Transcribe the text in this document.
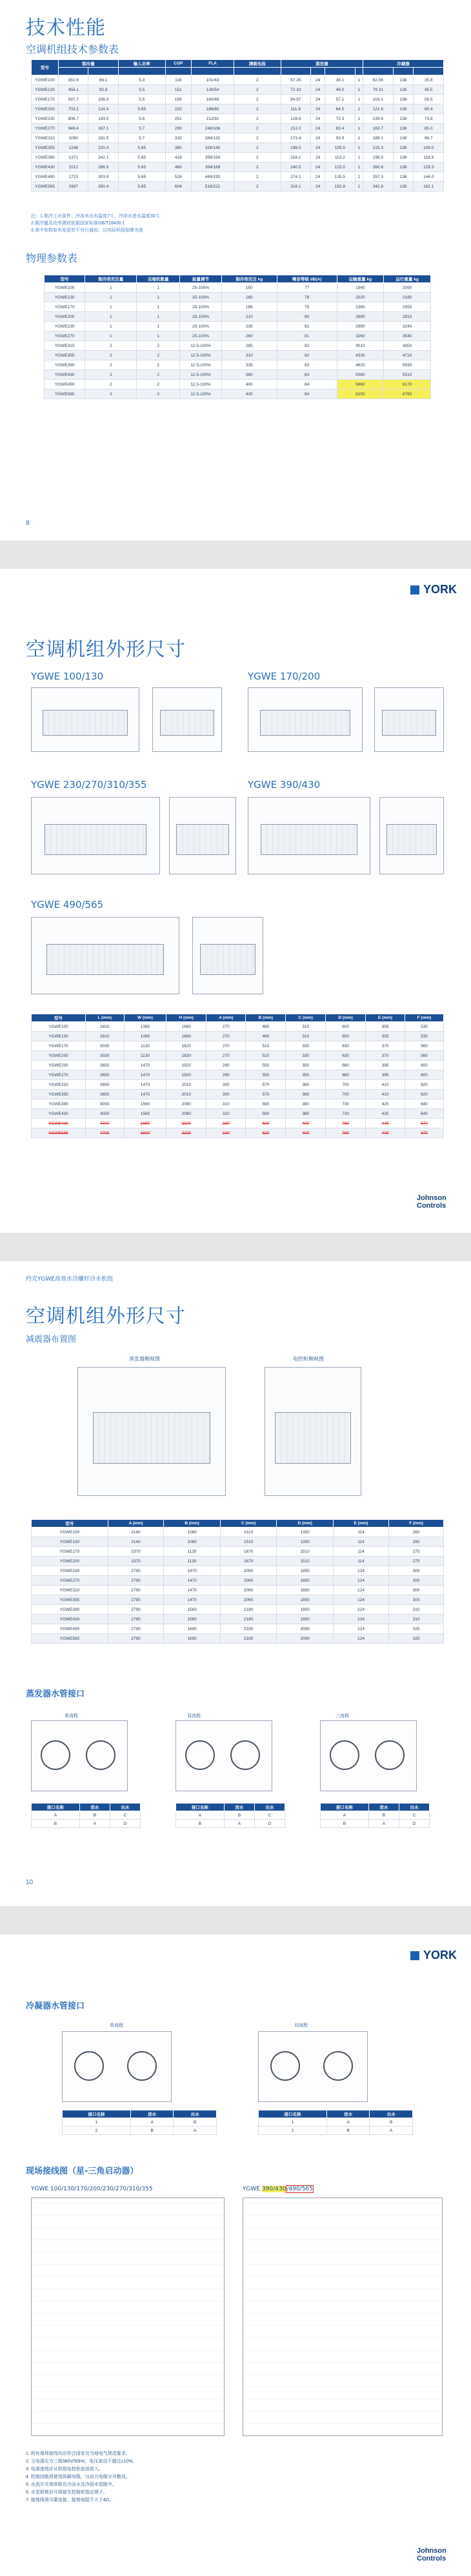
技术性能
空调机组技术参数表
型号	制冷量		输入功率	COP	FLA	满载电流	蒸发器				冷凝器		

YGWE100	351.6	66.1	5.3	118	101/43	2	57.26	24	38.1	1	62.56	138	35.8
YGWE130	456.1	82.8	5.5	151	126/54	2	72.33	24	46.0	1	79.31	138	45.5
YGWE170	597.7	108.3	5.5	193	160/69	2	94.97	24	57.1	1	103.1	138	58.5
YGWE200	703.2	124.4	5.65	220	186/80	2	111.8	24	64.5	1	121.6	138	65.4
YGWE230	808.7	143.5	5.6	251	212/91	2	128.6	24	72.3	1	139.6	138	73.9
YGWE270	949.4	167.1	5.7	290	248/106	2	151.0	24	83.4	1	163.7	138	85.0
YGWE310	1090	191.5	5.7	332	284/122	2	173.4	24	93.9	1	188.1	138	96.7
YGWE355	1248	220.4	5.65	380	326/140	2	198.5	24	105.5	1	215.3	138	109.0
YGWE390	1371	242.1	5.65	418	358/154	2	218.1	24	113.2	1	236.5	138	118.9
YGWE430	1512	266.5	5.65	460	394/169	2	240.5	24	122.0	1	260.8	138	129.3
YGWE490	1723	303.9	5.65	524	449/193	2	274.1	24	135.5	1	297.3	138	144.0
YGWE565	1987	350.4	5.65	604	518/222	2	316.1	24	152.8	1	342.8	138	162.1
注：1.制冷工况条件：冷冻水出水温度7℃，冷却水进水温度30℃
2.制冷量及功率测试依据国家标准GB/T18430.1
3.表中参数如有变更恕不另行通知，以实际机组铭牌为准
物理参数表
型号	制冷剂充注量	压缩机数量	能量调节	制冷剂充注 kg	噪音等级 dB(A)	运输重量 kg	运行重量 kg
YGWE100	1	1	25-100%	150	77	1940	2090
YGWE130	1	1	25-100%	160	78	2020	2180
YGWE170	1	1	25-100%	185	79	2360	2550
YGWE200	1	1	25-100%	210	80	2690	2910
YGWE230	1	1	25-100%	235	81	2990	3240
YGWE270	1	1	25-100%	260	81	3260	3540
YGWE310	2	2	12.5-100%	285	82	4010	4350
YGWE355	2	2	12.5-100%	310	82	4330	4710
YGWE390	2	2	12.5-100%	335	83	4620	5030
YGWE430	2	2	12.5-100%	360	83	5060	5510
YGWE490	2	2	12.5-100%	400	84	5660	6170
YGWE565	2	2	12.5-100%	430	84	6200	6760
8
YORK
空调机组外形尺寸
YGWE 100/130	YGWE 170/200
YGWE 230/270/310/355	YGWE 390/430
YGWE 490/565
型号	L (mm)	W (mm)	H (mm)	A (mm)	B (mm)	C (mm)	D (mm)	E (mm)	F (mm)
YGWE100	2810	1080	1680	270	480	310	600	355	535
YGWE130	2810	1080	1680	270	480	310	600	355	535
YGWE170	3030	1130	1820	270	510	330	630	370	560
YGWE200	3030	1130	1820	270	510	330	630	370	560
YGWE230	3650	1470	1920	290	550	350	680	395	600
YGWE270	3650	1470	1920	290	550	350	680	395	600
YGWE310	3650	1470	2010	300	570	365	700	410	620
YGWE355	3650	1470	2010	300	570	365	700	410	620
YGWE390	4050	1560	2080	310	590	380	730	425	640
YGWE430	4050	1560	2080	310	590	380	730	425	640
YGWE490	4700	1690	2220	330	620	400	760	445	670
YGWE565	4700	1690	2220	330	620	400	760	445	670
Johnson Controls
约克YGWE高效水冷螺杆冷水机组
空调机组外形尺寸
减震器布置图
蒸发器侧视图	电控柜侧视图
型号	A (mm)	B (mm)	C (mm)	D (mm)	E (mm)	F (mm)
YGWE100	2140	1080	1510	1350	114	260
YGWE130	2140	1080	1510	1350	114	260
YGWE170	2370	1130	1670	1510	114	275
YGWE200	2370	1130	1670	1510	114	275
YGWE230	2790	1470	2060	1850	124	300
YGWE270	2790	1470	2060	1850	124	300
YGWE310	2790	1470	2060	1850	124	300
YGWE355	2790	1470	2060	1850	124	300
YGWE390	2790	1560	2180	1950	124	310
YGWE430	2790	1560	2180	1950	124	310
YGWE490	2790	1690	2330	2090	124	325
YGWE565	2790	1690	2330	2090	124	325
蒸发器水管接口
单流程	双流程	三流程
接口名称	进水	出水
A	B	C
B	A	D
接口名称	进水	出水
A	B	C
B	A	D
接口名称	进水	出水
A	B	C
B	A	D
10
YORK
冷凝器水管接口
单流程	双流程
接口名称	进水	出水
1	A	B
2	B	A
接口名称	进水	出水
1	A	B
2	B	A
现场接线图（星-三角启动器）
YGWE 100/130/170/200/230/270/310/355	YGWE 390/430/490/565
1. 所有现场接线均应符合国家及当地电气规范要求。
2. 主电源应为三相380V/50Hz，电压波动不超过±10%。
3. 电源进线应从机组电控柜底部进入。
4. 控制回路须使用屏蔽电缆，与动力电缆分开敷设。
5. 水流开关须串联在冷冻水及冷却水管路中。
6. 水泵联锁信号须接至控制柜指定端子。
7. 接地线须可靠连接，接地电阻不大于4Ω。
Johnson Controls
